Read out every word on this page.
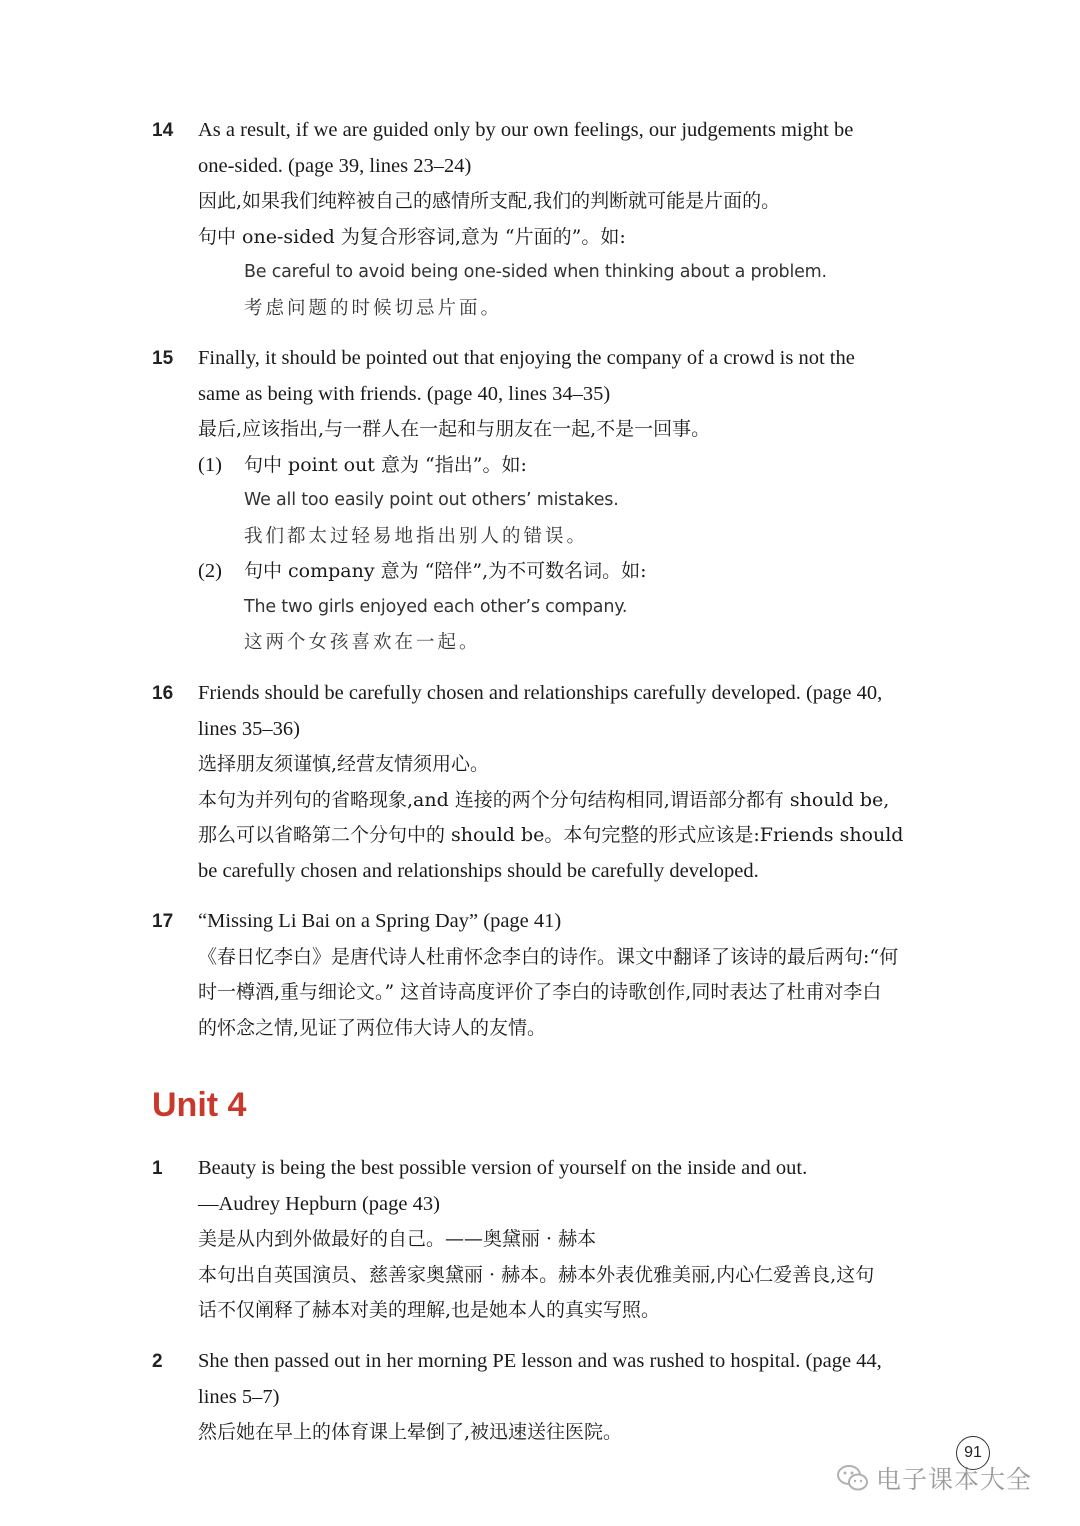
14 As a result, if we are guided only by our own feelings, our judgements might be
one-sided. (page 39, lines 23–24)
因此,如果我们纯粹被自己的感情所支配,我们的判断就可能是片面的。
句中 one-sided 为复合形容词,意为 “片面的”。如:
Be careful to avoid being one-sided when thinking about a problem.
考虑问题的时候切忌片面。
15 Finally, it should be pointed out that enjoying the company of a crowd is not the
same as being with friends. (page 40, lines 34–35)
最后,应该指出,与一群人在一起和与朋友在一起,不是一回事。
(1) 句中 point out 意为 “指出”。如:
We all too easily point out others’ mistakes.
我们都太过轻易地指出别人的错误。
(2) 句中 company 意为 “陪伴”,为不可数名词。如:
The two girls enjoyed each other’s company.
这两个女孩喜欢在一起。
16 Friends should be carefully chosen and relationships carefully developed. (page 40,
lines 35–36)
选择朋友须谨慎,经营友情须用心。
本句为并列句的省略现象,and 连接的两个分句结构相同,谓语部分都有 should be,
那么可以省略第二个分句中的 should be。本句完整的形式应该是:Friends should
be carefully chosen and relationships should be carefully developed.
17 “Missing Li Bai on a Spring Day” (page 41)
《春日忆李白》是唐代诗人杜甫怀念李白的诗作。课文中翻译了该诗的最后两句:“何
时一樽酒,重与细论文。” 这首诗高度评价了李白的诗歌创作,同时表达了杜甫对李白
的怀念之情,见证了两位伟大诗人的友情。
Unit 4
1 Beauty is being the best possible version of yourself on the inside and out.
—Audrey Hepburn (page 43)
美是从内到外做最好的自己。——奥黛丽 · 赫本
本句出自英国演员、慈善家奥黛丽 · 赫本。赫本外表优雅美丽,内心仁爱善良,这句
话不仅阐释了赫本对美的理解,也是她本人的真实写照。
2 She then passed out in her morning PE lesson and was rushed to hospital. (page 44,
lines 5–7)
然后她在早上的体育课上晕倒了,被迅速送往医院。
91
电子课本大全
